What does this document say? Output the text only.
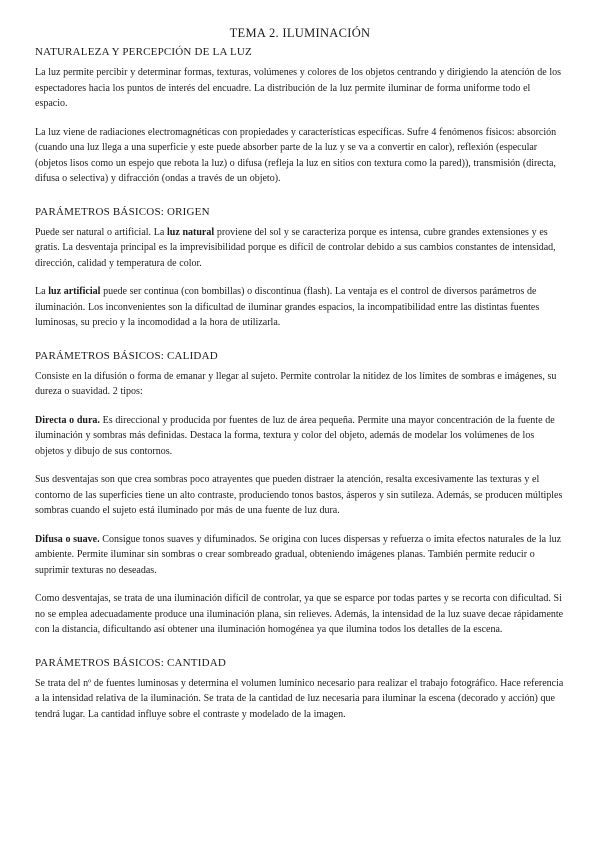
TEMA 2. ILUMINACIÓN
NATURALEZA Y PERCEPCIÓN DE LA LUZ

La luz permite percibir y determinar formas, texturas, volúmenes y colores de los objetos centrando y dirigiendo la atención de los espectadores hacia los puntos de interés del encuadre. La distribución de la luz permite iluminar de forma uniforme todo el espacio.

La luz viene de radiaciones electromagnéticas con propiedades y características específicas. Sufre 4 fenómenos físicos: absorción (cuando una luz llega a una superficie y este puede absorber parte de la luz y se va a convertir en calor), reflexión (especular (objetos lisos como un espejo que rebota la luz) o difusa (refleja la luz en sitios con textura como la pared)), transmisión (directa, difusa o selectiva) y difracción (ondas a través de un objeto).

PARÁMETROS BÁSICOS: ORIGEN

Puede ser natural o artificial. La luz natural proviene del sol y se caracteriza porque es intensa, cubre grandes extensiones y es gratis. La desventaja principal es la imprevisibilidad porque es difícil de controlar debido a sus cambios constantes de intensidad, dirección, calidad y temperatura de color.

La luz artificial puede ser continua (con bombillas) o discontinua (flash). La ventaja es el control de diversos parámetros de iluminación. Los inconvenientes son la dificultad de iluminar grandes espacios, la incompatibilidad entre las distintas fuentes luminosas, su precio y la incomodidad a la hora de utilizarla.

PARÁMETROS BÁSICOS: CALIDAD

Consiste en la difusión o forma de emanar y llegar al sujeto. Permite controlar la nitidez de los límites de sombras e imágenes, su dureza o suavidad. 2 tipos:

Directa o dura. Es direccional y producida por fuentes de luz de área pequeña. Permite una mayor concentración de la fuente de iluminación y sombras más definidas. Destaca la forma, textura y color del objeto, además de modelar los volúmenes de los objetos y dibujo de sus contornos.

Sus desventajas son que crea sombras poco atrayentes que pueden distraer la atención, resalta excesivamente las texturas y el contorno de las superficies tiene un alto contraste, produciendo tonos bastos, ásperos y sin sutileza. Además, se producen múltiples sombras cuando el sujeto está iluminado por más de una fuente de luz dura.

Difusa o suave. Consigue tonos suaves y difuminados. Se origina con luces dispersas y refuerza o imita efectos naturales de la luz ambiente. Permite iluminar sin sombras o crear sombreado gradual, obteniendo imágenes planas. También permite reducir o suprimir texturas no deseadas.

Como desventajas, se trata de una iluminación difícil de controlar, ya que se esparce por todas partes y se recorta con dificultad. Si no se emplea adecuadamente produce una iluminación plana, sin relieves. Además, la intensidad de la luz suave decae rápidamente con la distancia, dificultando así obtener una iluminación homogénea ya que ilumina todos los detalles de la escena.

PARÁMETROS BÁSICOS: CANTIDAD

Se trata del nº de fuentes luminosas y determina el volumen lumínico necesario para realizar el trabajo fotográfico. Hace referencia a la intensidad relativa de la iluminación. Se trata de la cantidad de luz necesaria para iluminar la escena (decorado y acción) que tendrá lugar. La cantidad influye sobre el contraste y modelado de la imagen.
